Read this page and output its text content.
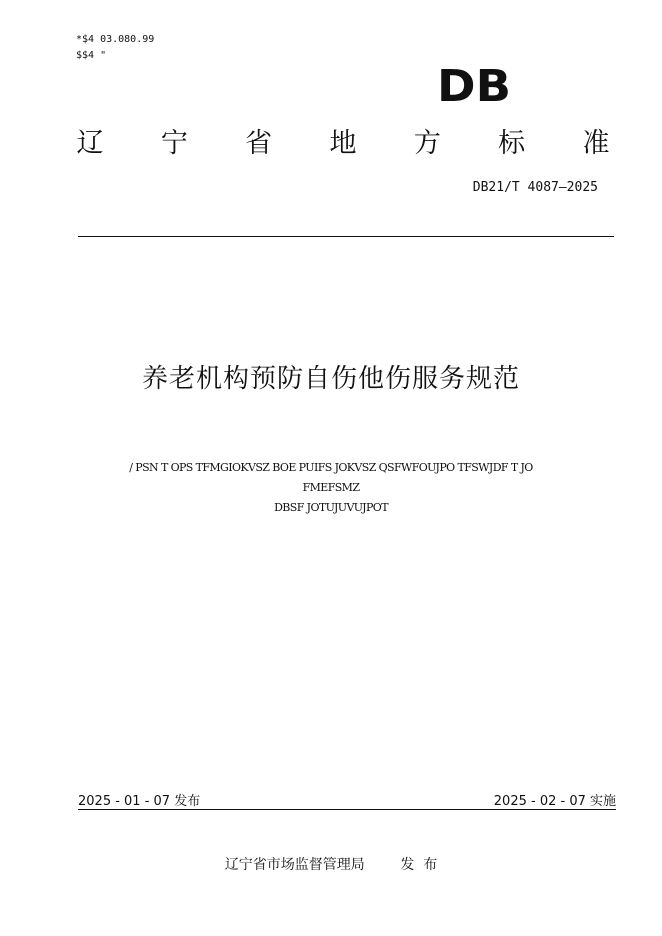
*$4 03.080.99
$$4 "
DB
辽 宁 省 地 方 标 准
DB21/T 4087—2025
养老机构预防自伤他伤服务规范
/ PSN T OPS TFMGIOKVSZ BOE PUIFS JOKVSZ QSFWFOUJPO TFSWJDF T JO FMEFSMZ
DBSF JOTUJUVUJPOT
2025 - 01 - 07 发布	2025 - 02 - 07 实施
辽宁省市场监督管理局        发  布
